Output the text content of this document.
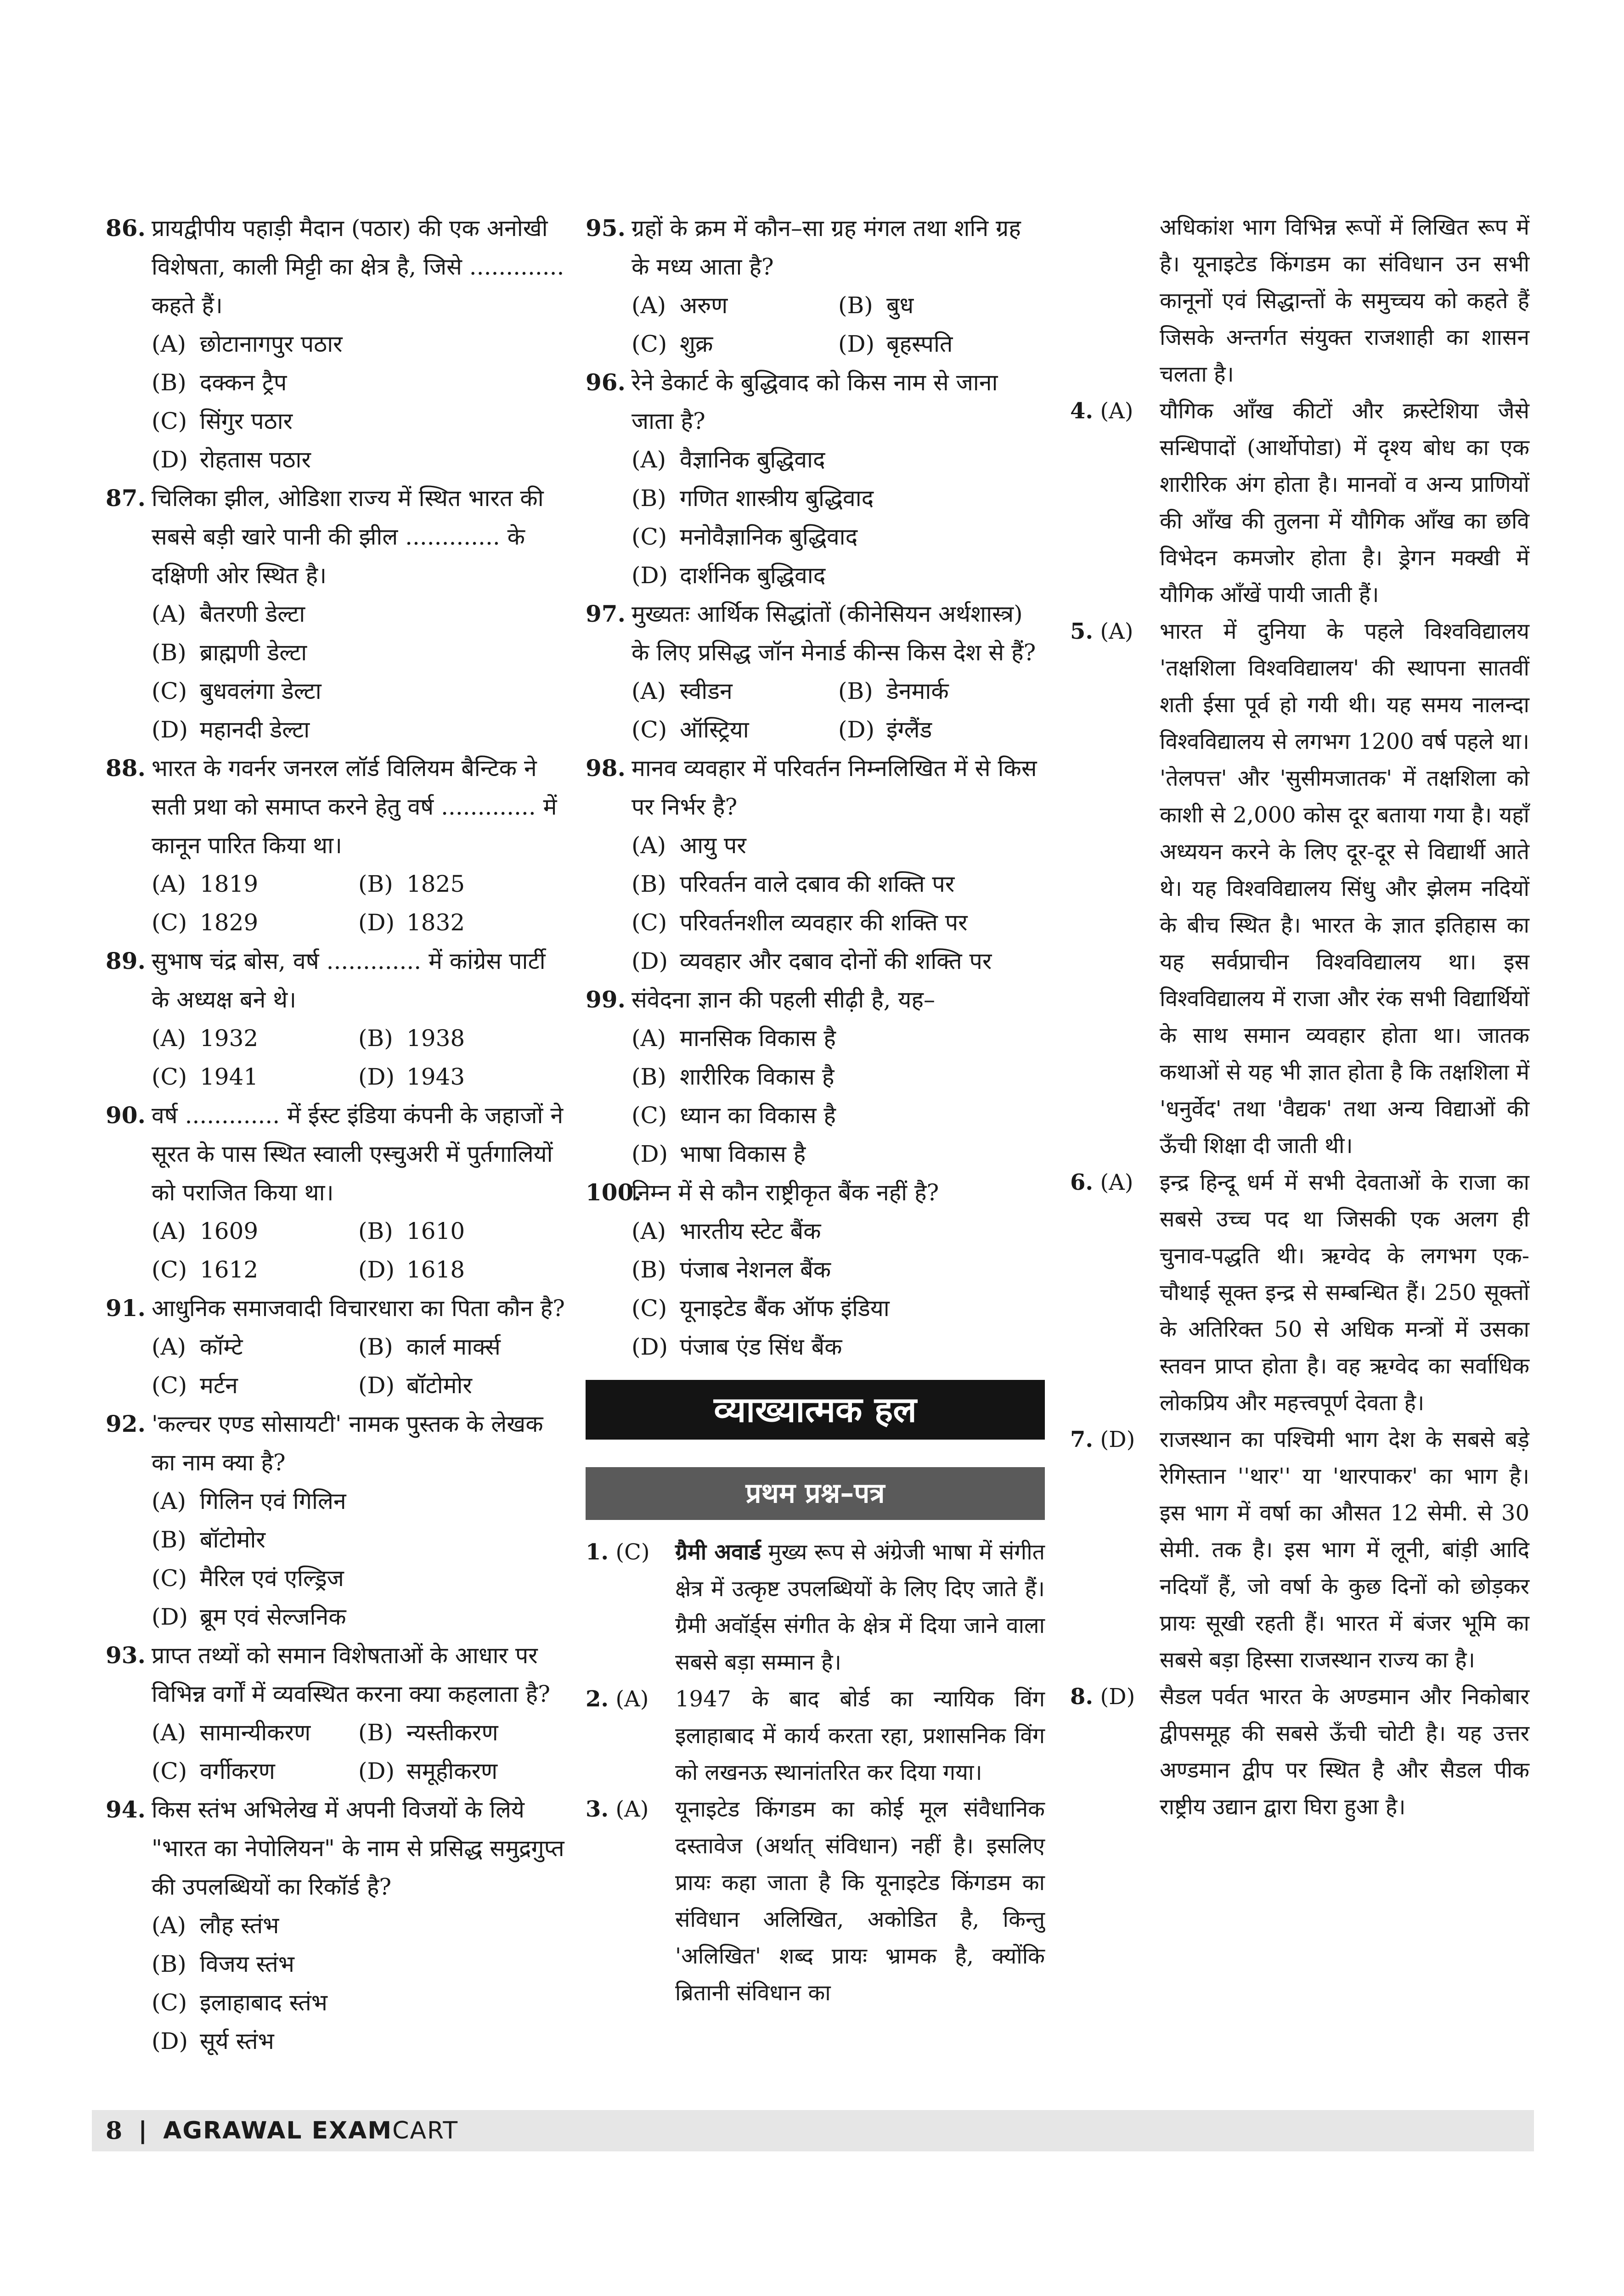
86. प्रायद्वीपीय पहाड़ी मैदान (पठार) की एक अनोखी विशेषता, काली मिट्टी का क्षेत्र है, जिसे ............. कहते हैं।
(A) छोटानागपुर पठार
(B) दक्कन ट्रैप
(C) सिंगुर पठार
(D) रोहतास पठार
87. चिलिका झील, ओडिशा राज्य में स्थित भारत की सबसे बड़ी खारे पानी की झील ............. के दक्षिणी ओर स्थित है।
(A) बैतरणी डेल्टा
(B) ब्राह्मणी डेल्टा
(C) बुधवलंगा डेल्टा
(D) महानदी डेल्टा
88. भारत के गवर्नर जनरल लॉर्ड विलियम बैन्टिक ने सती प्रथा को समाप्त करने हेतु वर्ष ............. में कानून पारित किया था।
(A) 1819	(B) 1825
(C) 1829	(D) 1832
89. सुभाष चंद्र बोस, वर्ष ............. में कांग्रेस पार्टी के अध्यक्ष बने थे।
(A) 1932	(B) 1938
(C) 1941	(D) 1943
90. वर्ष ............. में ईस्ट इंडिया कंपनी के जहाजों ने सूरत के पास स्थित स्वाली एस्चुअरी में पुर्तगालियों को पराजित किया था।
(A) 1609	(B) 1610
(C) 1612	(D) 1618
91. आधुनिक समाजवादी विचारधारा का पिता कौन है?
(A) कॉम्टे	(B) कार्ल मार्क्स
(C) मर्टन	(D) बॉटोमोर
92. 'कल्चर एण्ड सोसायटी' नामक पुस्तक के लेखक का नाम क्या है?
(A) गिलिन एवं गिलिन
(B) बॉटोमोर
(C) मैरिल एवं एल्ड्रिज
(D) ब्रूम एवं सेल्जनिक
93. प्राप्त तथ्यों को समान विशेषताओं के आधार पर विभिन्न वर्गों में व्यवस्थित करना क्या कहलाता है?
(A) सामान्यीकरण	(B) न्यस्तीकरण
(C) वर्गीकरण	(D) समूहीकरण
94. किस स्तंभ अभिलेख में अपनी विजयों के लिये "भारत का नेपोलियन" के नाम से प्रसिद्ध समुद्रगुप्त की उपलब्धियों का रिकॉर्ड है?
(A) लौह स्तंभ
(B) विजय स्तंभ
(C) इलाहाबाद स्तंभ
(D) सूर्य स्तंभ
95. ग्रहों के क्रम में कौन–सा ग्रह मंगल तथा शनि ग्रह के मध्य आता है?
(A) अरुण	(B) बुध
(C) शुक्र	(D) बृहस्पति
96. रेने डेकार्ट के बुद्धिवाद को किस नाम से जाना जाता है?
(A) वैज्ञानिक बुद्धिवाद
(B) गणित शास्त्रीय बुद्धिवाद
(C) मनोवैज्ञानिक बुद्धिवाद
(D) दार्शनिक बुद्धिवाद
97. मुख्यतः आर्थिक सिद्धांतों (कीनेसियन अर्थशास्त्र) के लिए प्रसिद्ध जॉन मेनार्ड कीन्स किस देश से हैं?
(A) स्वीडन	(B) डेनमार्क
(C) ऑस्ट्रिया	(D) इंग्लैंड
98. मानव व्यवहार में परिवर्तन निम्नलिखित में से किस पर निर्भर है?
(A) आयु पर
(B) परिवर्तन वाले दबाव की शक्ति पर
(C) परिवर्तनशील व्यवहार की शक्ति पर
(D) व्यवहार और दबाव दोनों की शक्ति पर
99. संवेदना ज्ञान की पहली सीढ़ी है, यह–
(A) मानसिक विकास है
(B) शारीरिक विकास है
(C) ध्यान का विकास है
(D) भाषा विकास है
100.
निम्न में से कौन राष्ट्रीकृत बैंक नहीं है?
(A) भारतीय स्टेट बैंक
(B) पंजाब नेशनल बैंक
(C) यूनाइटेड बैंक ऑफ इंडिया
(D) पंजाब एंड सिंध बैंक
व्याख्यात्मक हल
प्रथम प्रश्न–पत्र
1. (C)	ग्रैमी अवार्ड मुख्य रूप से अंग्रेजी भाषा में संगीत क्षेत्र में उत्कृष्ट उपलब्धियों के लिए दिए जाते हैं। ग्रैमी अवॉर्ड्स संगीत के क्षेत्र में दिया जाने वाला सबसे बड़ा सम्मान है।
2. (A)	1947 के बाद बोर्ड का न्यायिक विंग इलाहाबाद में कार्य करता रहा, प्रशासनिक विंग को लखनऊ स्थानांतरित कर दिया गया।
3. (A)	यूनाइटेड किंगडम का कोई मूल संवैधानिक दस्तावेज (अर्थात् संविधान) नहीं है। इसलिए प्रायः कहा जाता है कि यूनाइटेड किंगडम का संविधान अलिखित, अकोडित है, किन्तु 'अलिखित' शब्द प्रायः भ्रामक है, क्योंकि ब्रितानी संविधान का
अधिकांश भाग विभिन्न रूपों में लिखित रूप में है। यूनाइटेड किंगडम का संविधान उन सभी कानूनों एवं सिद्धान्तों के समुच्चय को कहते हैं जिसके अन्तर्गत संयुक्त राजशाही का शासन चलता है।
4. (A)	यौगिक आँख कीटों और क्रस्टेशिया जैसे सन्धिपादों (आर्थोपोडा) में दृश्य बोध का एक शारीरिक अंग होता है। मानवों व अन्य प्राणियों की आँख की तुलना में यौगिक आँख का छवि विभेदन कमजोर होता है। ड्रेगन मक्खी में यौगिक आँखें पायी जाती हैं।
5. (A)	भारत में दुनिया के पहले विश्वविद्यालय 'तक्षशिला विश्वविद्यालय' की स्थापना सातवीं शती ईसा पूर्व हो गयी थी। यह समय नालन्दा विश्वविद्यालय से लगभग 1200 वर्ष पहले था। 'तेलपत्त' और 'सुसीमजातक' में तक्षशिला को काशी से 2,000 कोस दूर बताया गया है। यहाँ अध्ययन करने के लिए दूर-दूर से विद्यार्थी आते थे। यह विश्वविद्यालय सिंधु और झेलम नदियों के बीच स्थित है। भारत के ज्ञात इतिहास का यह सर्वप्राचीन विश्वविद्यालय था। इस विश्वविद्यालय में राजा और रंक सभी विद्यार्थियों के साथ समान व्यवहार होता था। जातक कथाओं से यह भी ज्ञात होता है कि तक्षशिला में 'धनुर्वेद' तथा 'वैद्यक' तथा अन्य विद्याओं की ऊँची शिक्षा दी जाती थी।
6. (A)	इन्द्र हिन्दू धर्म में सभी देवताओं के राजा का सबसे उच्च पद था जिसकी एक अलग ही चुनाव-पद्धति थी। ऋग्वेद के लगभग एक-चौथाई सूक्त इन्द्र से सम्बन्धित हैं। 250 सूक्तों के अतिरिक्त 50 से अधिक मन्त्रों में उसका स्तवन प्राप्त होता है। वह ऋग्वेद का सर्वाधिक लोकप्रिय और महत्त्वपूर्ण देवता है।
7. (D)	राजस्थान का पश्चिमी भाग देश के सबसे बड़े रेगिस्तान ''थार'' या 'थारपाकर' का भाग है। इस भाग में वर्षा का औसत 12 सेमी. से 30 सेमी. तक है। इस भाग में लूनी, बांड़ी आदि नदियाँ हैं, जो वर्षा के कुछ दिनों को छोड़कर प्रायः सूखी रहती हैं। भारत में बंजर भूमि का सबसे बड़ा हिस्सा राजस्थान राज्य का है।
8. (D)	सैडल पर्वत भारत के अण्डमान और निकोबार द्वीपसमूह की सबसे ऊँची चोटी है। यह उत्तर अण्डमान द्वीप पर स्थित है और सैडल पीक राष्ट्रीय उद्यान द्वारा घिरा हुआ है।
8 | AGRAWAL EXAM CART
